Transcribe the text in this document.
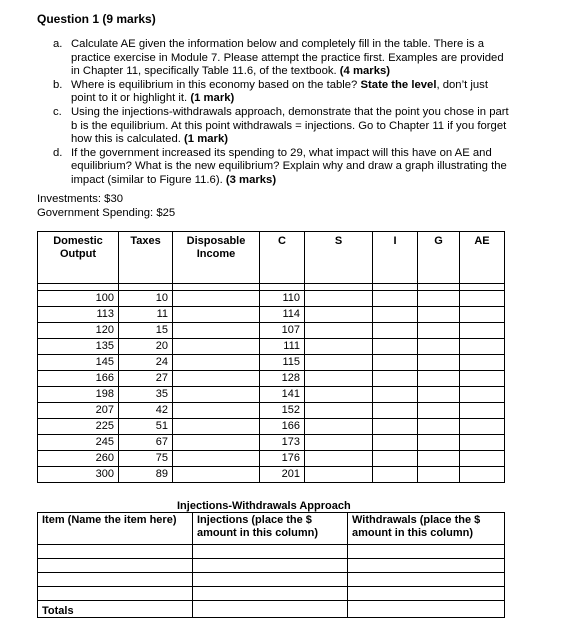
Question 1 (9 marks)
a. Calculate AE given the information below and completely fill in the table. There is a practice exercise in Module 7. Please attempt the practice first. Examples are provided in Chapter 11, specifically Table 11.6, of the textbook. (4 marks)
b. Where is equilibrium in this economy based on the table? State the level, don’t just point to it or highlight it. (1 mark)
c. Using the injections-withdrawals approach, demonstrate that the point you chose in part b is the equilibrium. At this point withdrawals = injections. Go to Chapter 11 if you forget how this is calculated. (1 mark)
d. If the government increased its spending to 29, what impact will this have on AE and equilibrium? What is the new equilibrium? Explain why and draw a graph illustrating the impact (similar to Figure 11.6). (3 marks)
Investments: $30
Government Spending: $25
Domestic Output	Taxes	Disposable Income	C	S	I	G	AE

100	10		110				
113	11		114				
120	15		107				
135	20		111				
145	24		115				
166	27		128				
198	35		141				
207	42		152				
225	51		166				
245	67		173				
260	75		176				
300	89		201				
Injections-Withdrawals Approach
Item (Name the item here)	Injections (place the $ amount in this column)	Withdrawals (place the $ amount in this column)

Totals		
